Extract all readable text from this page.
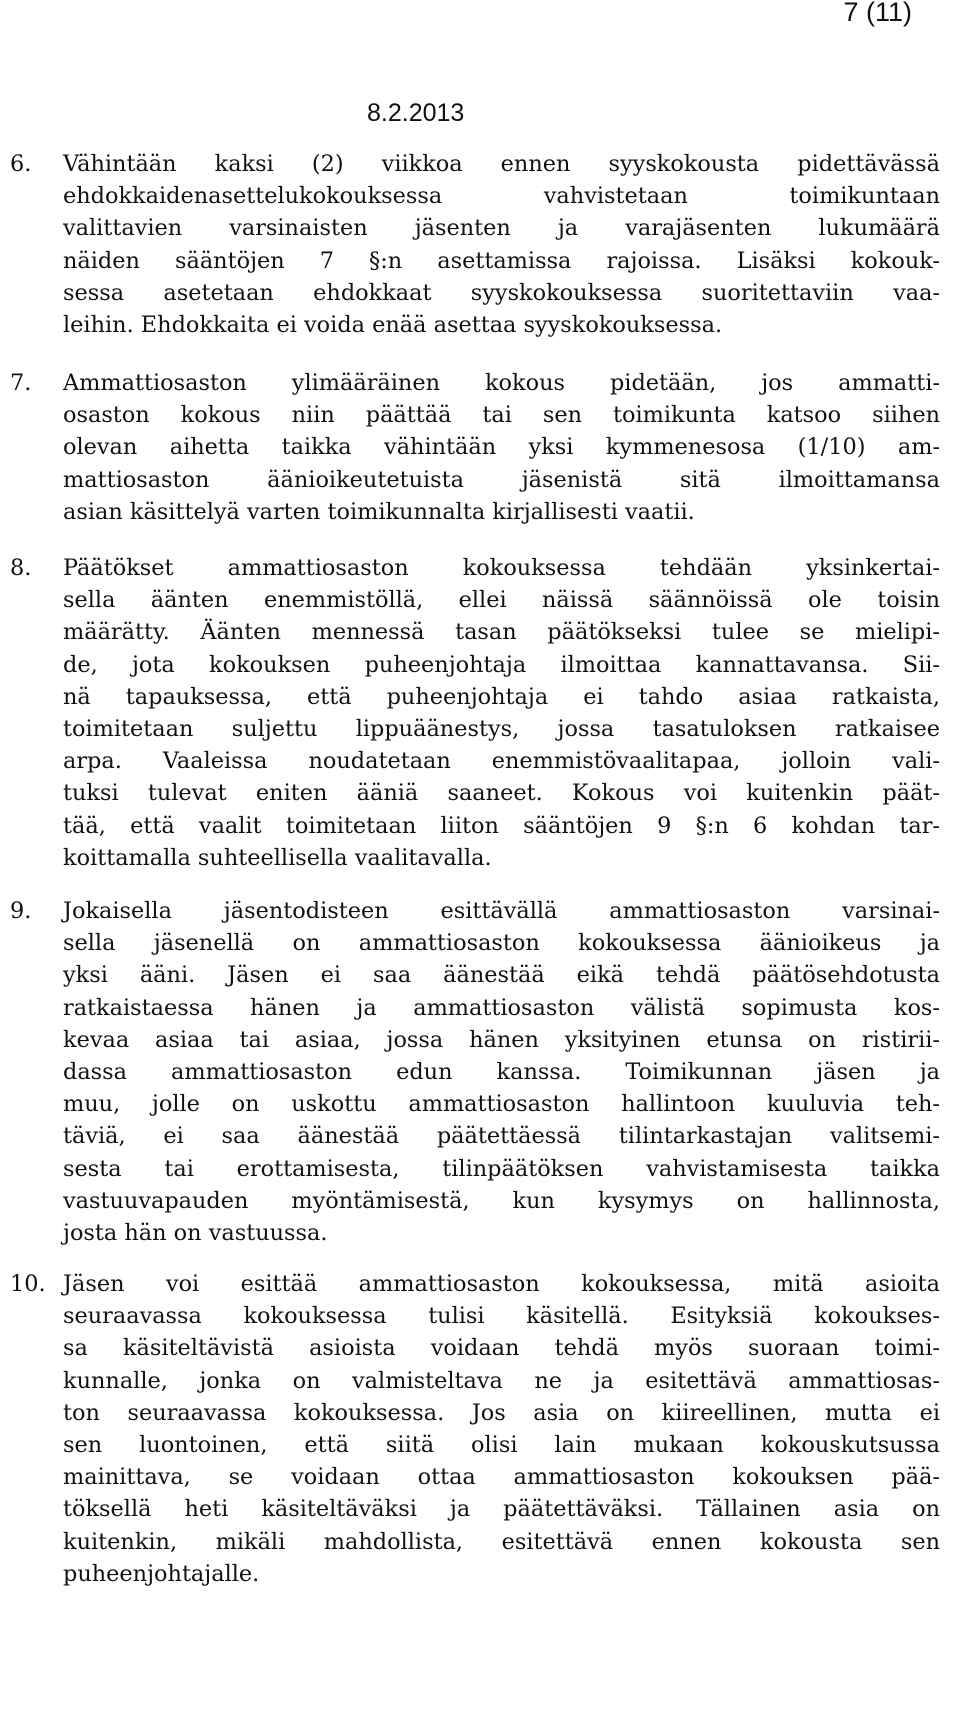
7 (11)
8.2.2013
6. Vähintään kaksi (2) viikkoa ennen syyskokousta pidettävässä
ehdokkaidenasettelukokouksessa vahvistetaan toimikuntaan
valittavien varsinaisten jäsenten ja varajäsenten lukumäärä
näiden sääntöjen 7 §:n asettamissa rajoissa. Lisäksi kokouk-
sessa asetetaan ehdokkaat syyskokouksessa suoritettaviin vaa-
leihin. Ehdokkaita ei voida enää asettaa syyskokouksessa.
7. Ammattiosaston ylimääräinen kokous pidetään, jos ammatti-
osaston kokous niin päättää tai sen toimikunta katsoo siihen
olevan aihetta taikka vähintään yksi kymmenesosa (1/10) am-
mattiosaston äänioikeutetuista jäsenistä sitä ilmoittamansa
asian käsittelyä varten toimikunnalta kirjallisesti vaatii.
8. Päätökset ammattiosaston kokouksessa tehdään yksinkertai-
sella äänten enemmistöllä, ellei näissä säännöissä ole toisin
määrätty. Äänten mennessä tasan päätökseksi tulee se mielipi-
de, jota kokouksen puheenjohtaja ilmoittaa kannattavansa. Sii-
nä tapauksessa, että puheenjohtaja ei tahdo asiaa ratkaista,
toimitetaan suljettu lippuäänestys, jossa tasatuloksen ratkaisee
arpa. Vaaleissa noudatetaan enemmistövaalitapaa, jolloin vali-
tuksi tulevat eniten ääniä saaneet. Kokous voi kuitenkin päät-
tää, että vaalit toimitetaan liiton sääntöjen 9 §:n 6 kohdan tar-
koittamalla suhteellisella vaalitavalla.
9. Jokaisella jäsentodisteen esittävällä ammattiosaston varsinai-
sella jäsenellä on ammattiosaston kokouksessa äänioikeus ja
yksi ääni. Jäsen ei saa äänestää eikä tehdä päätösehdotusta
ratkaistaessa hänen ja ammattiosaston välistä sopimusta kos-
kevaa asiaa tai asiaa, jossa hänen yksityinen etunsa on ristirii-
dassa ammattiosaston edun kanssa. Toimikunnan jäsen ja
muu, jolle on uskottu ammattiosaston hallintoon kuuluvia teh-
täviä, ei saa äänestää päätettäessä tilintarkastajan valitsemi-
sesta tai erottamisesta, tilinpäätöksen vahvistamisesta taikka
vastuuvapauden myöntämisestä, kun kysymys on hallinnosta,
josta hän on vastuussa.
10. Jäsen voi esittää ammattiosaston kokouksessa, mitä asioita
seuraavassa kokouksessa tulisi käsitellä. Esityksiä kokoukses-
sa käsiteltävistä asioista voidaan tehdä myös suoraan toimi-
kunnalle, jonka on valmisteltava ne ja esitettävä ammattiosas-
ton seuraavassa kokouksessa. Jos asia on kiireellinen, mutta ei
sen luontoinen, että siitä olisi lain mukaan kokouskutsussa
mainittava, se voidaan ottaa ammattiosaston kokouksen pää-
töksellä heti käsiteltäväksi ja päätettäväksi. Tällainen asia on
kuitenkin, mikäli mahdollista, esitettävä ennen kokousta sen
puheenjohtajalle.
